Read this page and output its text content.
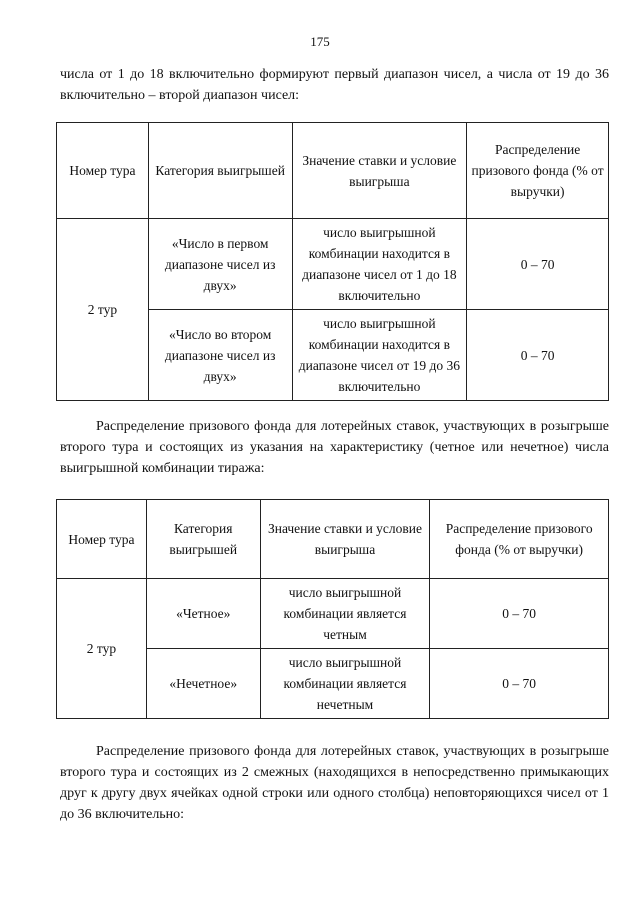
175

числа от 1 до 18 включительно формируют первый диапазон чисел, а числа от 19 до 36 включительно – второй диапазон чисел:

Номер тура	Категория выигрышей	Значение ставки и условие выигрыша	Распределение призового фонда (% от выручки)
2 тур	«Число в первом диапазоне чисел из двух»	число выигрышной комбинации находится в диапазоне чисел от 1 до 18 включительно	0 – 70
	«Число во втором диапазоне чисел из двух»	число выигрышной комбинации находится в диапазоне чисел от 19 до 36 включительно	0 – 70

Распределение призового фонда для лотерейных ставок, участвующих в розыгрыше второго тура и состоящих из указания на характеристику (четное или нечетное) числа выигрышной комбинации тиража:

Номер тура	Категория выигрышей	Значение ставки и условие выигрыша	Распределение призового фонда (% от выручки)
2 тур	«Четное»	число выигрышной комбинации является четным	0 – 70
	«Нечетное»	число выигрышной комбинации является нечетным	0 – 70

Распределение призового фонда для лотерейных ставок, участвующих в розыгрыше второго тура и состоящих из 2 смежных (находящихся в непосредственно примыкающих друг к другу двух ячейках одной строки или одного столбца) неповторяющихся чисел от 1 до 36 включительно:
